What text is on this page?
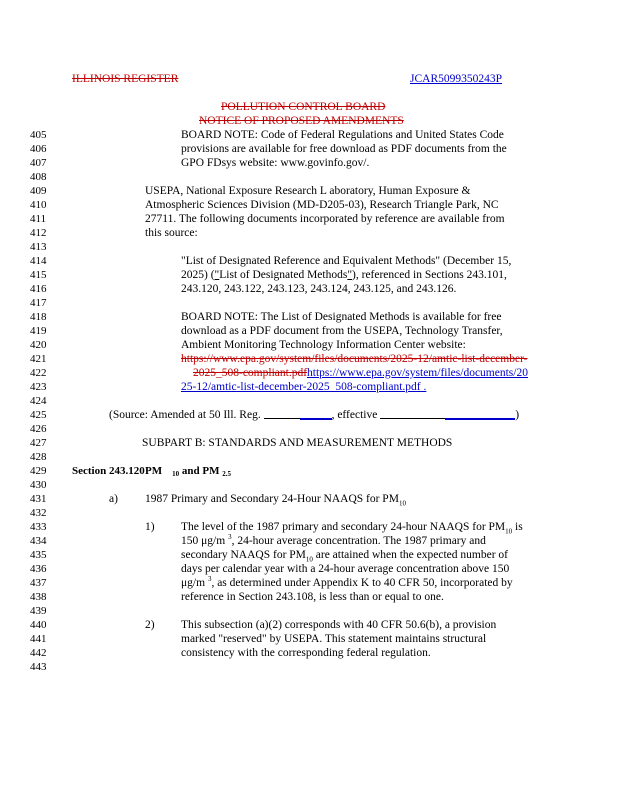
ILLINOIS REGISTER	JCAR5099350243P
POLLUTION CONTROL BOARD
NOTICE OF PROPOSED AMENDMENTS
405
406
407
408
409
410
411
412
413
414
415
416
417
418
419
420
421
422
423
424
425
426
427
428
429
430
431
432
433
434
435
436
437
438
439
440
441
442
443
BOARD NOTE: Code of Federal Regulations and United States Code
provisions are available for free download as PDF documents from the
GPO FDsys website: www.govinfo.gov/.
USEPA, National Exposure Research L aboratory, Human Exposure &
Atmospheric Sciences Division (MD-D205-03), Research Triangle Park, NC
27711. The following documents incorporated by reference are available from
this source:
"List of Designated Reference and Equivalent Methods" (December 15,
2025) ("List of Designated Methods"), referenced in Sections 243.101,
243.120, 243.122, 243.123, 243.124, 243.125, and 243.126.
BOARD NOTE: The List of Designated Methods is available for free
download as a PDF document from the USEPA, Technology Transfer,
Ambient Monitoring Technology Information Center website:
https://www.epa.gov/system/files/documents/2025-12/amtic-list-december-
2025_508-compliant.pdfhttps://www.epa.gov/system/files/documents/20
25-12/amtic-list-december-2025_508-compliant.pdf .
(Source: Amended at 50 Ill. Reg.	, effective	)
SUBPART B: STANDARDS AND MEASUREMENT METHODS
Section 243.120 PM 10 and PM 2.5
a) 1987 Primary and Secondary 24-Hour NAAQS for $PM_{10}$
1) The level of the 1987 primary and secondary 24-hour NAAQS for $PM_{10}$ is
150 μg/m $^3$, 24-hour average concentration. The 1987 primary and
secondary NAAQS for $PM_{10}$ are attained when the expected number of
days per calendar year with a 24-hour average concentration above 150
μg/m $^3$, as determined under Appendix K to 40 CFR 50, incorporated by
reference in Section 243.108, is less than or equal to one.
2) This subsection (a)(2) corresponds with 40 CFR 50.6(b), a provision
marked "reserved" by USEPA. This statement maintains structural
consistency with the corresponding federal regulation.
